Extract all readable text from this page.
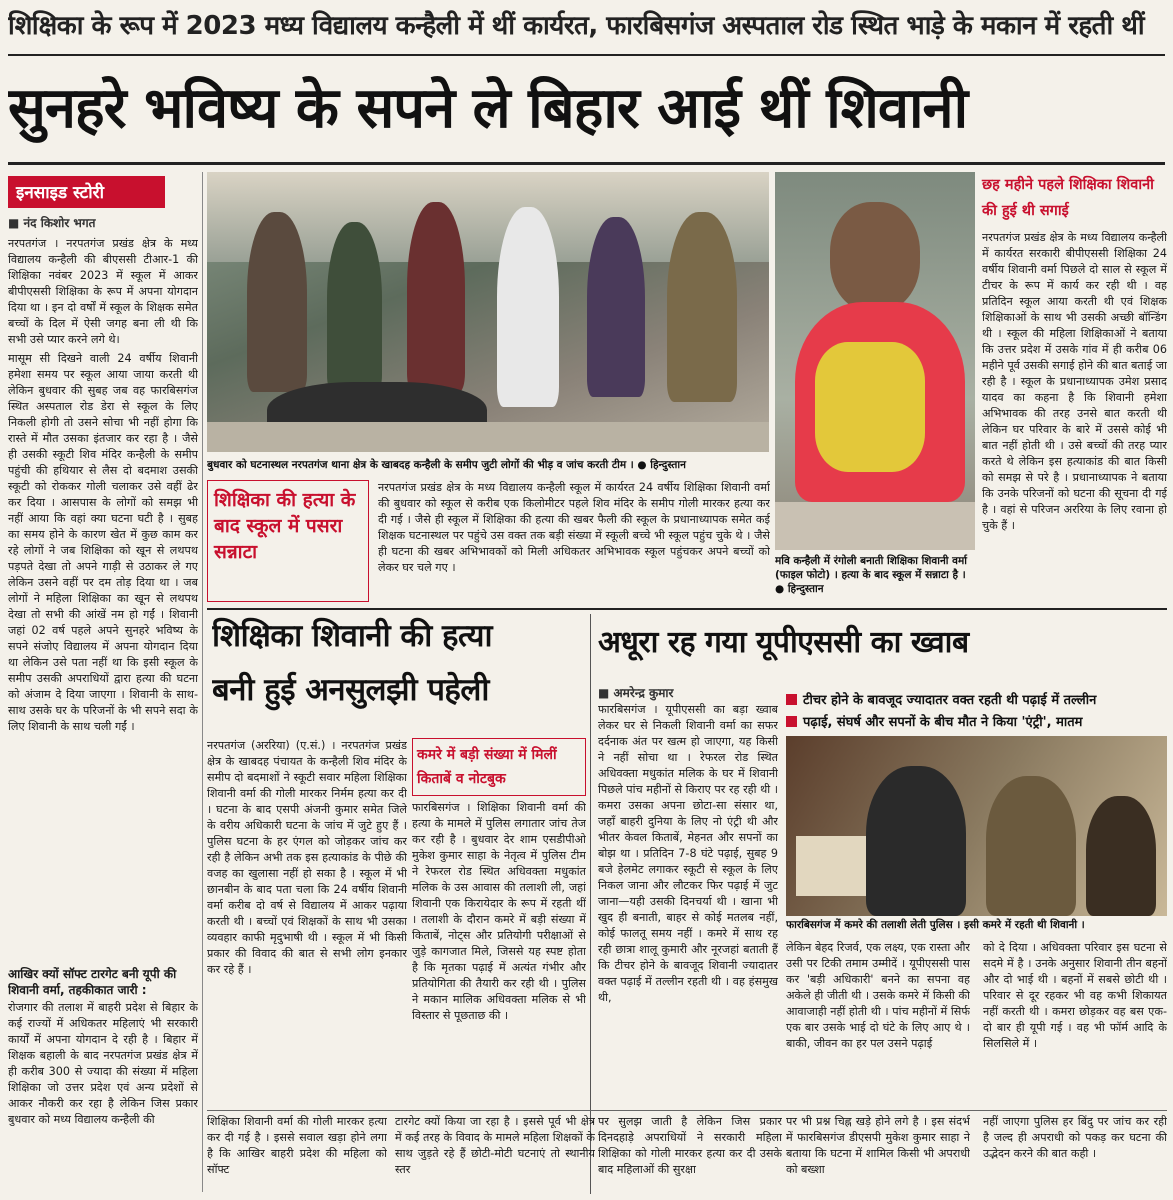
शिक्षिका के रूप में 2023 मध्य विद्यालय कन्हैली में थीं कार्यरत, फारबिसगंज अस्पताल रोड स्थित भाड़े के मकान में रहती थीं
सुनहरे भविष्य के सपने ले बिहार आई थीं शिवानी
इनसाइड स्टोरी
■ नंद किशोर भगत

नरपतगंज । नरपतगंज प्रखंड क्षेत्र के मध्य विद्यालय कन्हैली की बीएससी टीआर-1 की शिक्षिका नवंबर 2023 में स्कूल में आकर बीपीएससी शिक्षिका के रूप में अपना योगदान दिया था । इन दो वर्षों में स्कूल के शिक्षक समेत बच्चों के दिल में ऐसी जगह बना ली थी कि सभी उसे प्यार करने लगे थे।

मासूम सी दिखने वाली 24 वर्षीय शिवानी हमेशा समय पर स्कूल आया जाया करती थी लेकिन बुधवार की सुबह जब वह फारबिसगंज स्थित अस्पताल रोड डेरा से स्कूल के लिए निकली होगी तो उसने सोचा भी नहीं होगा कि रास्ते में मौत उसका इंतजार कर रहा है । जैसे ही उसकी स्कूटी शिव मंदिर कन्हैली के समीप पहुंची की हथियार से लैस दो बदमाश उसकी स्कूटी को रोककर गोली चलाकर उसे वहीं ढेर कर दिया । आसपास के लोगों को समझ भी नहीं आया कि वहां क्या घटना घटी है । सुबह का समय होने के कारण खेत में कुछ काम कर रहे लोगों ने जब शिक्षिका को खून से लथपथ पड़पते देखा तो अपने गाड़ी से उठाकर ले गए लेकिन उसने वहीं पर दम तोड़ दिया था । जब लोगों ने महिला शिक्षिका का खून से लथपथ देखा तो सभी की आंखें नम हो गईं । शिवानी जहां 02 वर्ष पहले अपने सुनहरे भविष्य के सपने संजोए विद्यालय में अपना योगदान दिया था लेकिन उसे पता नहीं था कि इसी स्कूल के समीप उसकी अपराधियों द्वारा हत्या की घटना को अंजाम दे दिया जाएगा । शिवानी के साथ-साथ उसके घर के परिजनों के भी सपने सदा के लिए शिवानी के साथ चली गईं ।

आखिर क्यों सॉफ्ट टारगेट बनी यूपी की शिवानी वर्मा, तहकीकात जारी :
रोजगार की तलाश में बाहरी प्रदेश से बिहार के कई राज्यों में अधिकतर महिलाएं भी सरकारी कार्यों में अपना योगदान दे रही है । बिहार में शिक्षक बहाली के बाद नरपतगंज प्रखंड क्षेत्र में ही करीब 300 से ज्यादा की संख्या में महिला शिक्षिका जो उत्तर प्रदेश एवं अन्य प्रदेशों से आकर नौकरी कर रहा है लेकिन जिस प्रकार बुधवार को मध्य विद्यालय कन्हैली की
बुधवार को घटनास्थल नरपतगंज थाना क्षेत्र के खाबदह कन्हैली के समीप जुटी लोगों की भीड़ व जांच करती टीम । ● हिन्दुस्तान
शिक्षिका की हत्या के बाद स्कूल में पसरा सन्नाटा
नरपतगंज प्रखंड क्षेत्र के मध्य विद्यालय कन्हैली स्कूल में कार्यरत 24 वर्षीय शिक्षिका शिवानी वर्मा की बुधवार को स्कूल से करीब एक किलोमीटर पहले शिव मंदिर के समीप गोली मारकर हत्या कर दी गई । जैसे ही स्कूल में शिक्षिका की हत्या की खबर फैली की स्कूल के प्रधानाध्यापक समेत कई शिक्षक घटनास्थल पर पहुंचे उस वक्त तक बड़ी संख्या में स्कूली बच्चे भी स्कूल पहुंच चुके थे । जैसे ही घटना की खबर अभिभावकों को मिली अधिकतर अभिभावक स्कूल पहुंचकर अपने बच्चों को लेकर घर चले गए ।	मवि कन्हैली में रंगोली बनाती शिक्षिका शिवानी वर्मा (फाइल फोटो) । हत्या के बाद स्कूल में सन्नाटा है । ● हिन्दुस्तान
छह महीने पहले शिक्षिका शिवानी की हुई थी सगाई
नरपतगंज प्रखंड क्षेत्र के मध्य विद्यालय कन्हैली में कार्यरत सरकारी बीपीएससी शिक्षिका 24 वर्षीय शिवानी वर्मा पिछले दो साल से स्कूल में टीचर के रूप में कार्य कर रही थी । वह प्रतिदिन स्कूल आया करती थी एवं शिक्षक शिक्षिकाओं के साथ भी उसकी अच्छी बॉन्डिंग थी । स्कूल की महिला शिक्षिकाओं ने बताया कि उत्तर प्रदेश में उसके गांव में ही करीब 06 महीने पूर्व उसकी सगाई होने की बात बताई जा रही है । स्कूल के प्रधानाध्यापक उमेश प्रसाद यादव का कहना है कि शिवानी हमेशा अभिभावक की तरह उनसे बात करती थी लेकिन घर परिवार के बारे में उससे कोई भी बात नहीं होती थी । उसे बच्चों की तरह प्यार करते थे लेकिन इस हत्याकांड की बात किसी को समझ से परे है । प्रधानाध्यापक ने बताया कि उनके परिजनों को घटना की सूचना दी गई है । वहां से परिजन अररिया के लिए रवाना हो चुके हैं ।
शिक्षिका शिवानी की हत्या
बनी हुई अनसुलझी पहेली
नरपतगंज (अररिया) (ए.सं.) । नरपतगंज प्रखंड क्षेत्र के खाबदह पंचायत के कन्हैली शिव मंदिर के समीप दो बदमाशों ने स्कूटी सवार महिला शिक्षिका शिवानी वर्मा की गोली मारकर निर्मम हत्या कर दी । घटना के बाद एसपी अंजनी कुमार समेत जिले के वरीय अधिकारी घटना के जांच में जुटे हुए हैं । पुलिस घटना के हर एंगल को जोड़कर जांच कर रही है लेकिन अभी तक इस हत्याकांड के पीछे की वजह का खुलासा नहीं हो सका है । स्कूल में भी छानबीन के बाद पता चला कि 24 वर्षीय शिवानी वर्मा करीब दो वर्ष से विद्यालय में आकर पढ़ाया करती थी । बच्चों एवं शिक्षकों के साथ भी उसका व्यवहार काफी मृदुभाषी थी । स्कूल में भी किसी प्रकार की विवाद की बात से सभी लोग इनकार कर रहे हैं ।
कमरे में बड़ी संख्या में मिलीं किताबें व नोटबुक
फारबिसगंज । शिक्षिका शिवानी वर्मा की हत्या के मामले में पुलिस लगातार जांच तेज कर रही है । बुधवार देर शाम एसडीपीओ मुकेश कुमार साहा के नेतृत्व में पुलिस टीम ने रेफरल रोड स्थित अधिवक्ता मधुकांत मलिक के उस आवास की तलाशी ली, जहां शिवानी एक किरायेदार के रूप में रहती थीं । तलाशी के दौरान कमरे में बड़ी संख्या में किताबें, नोट्स और प्रतियोगी परीक्षाओं से जुड़े कागजात मिले, जिससे यह स्पष्ट होता है कि मृतका पढ़ाई में अत्यंत गंभीर और प्रतियोगिता की तैयारी कर रही थी । पुलिस ने मकान मालिक अधिवक्ता मलिक से भी विस्तार से पूछताछ की ।
अधूरा रह गया यूपीएससी का ख्वाब
■ अमरेन्द्र कुमार
फारबिसगंज । यूपीएससी का बड़ा ख्वाब लेकर घर से निकली शिवानी वर्मा का सफर दर्दनाक अंत पर खत्म हो जाएगा, यह किसी ने नहीं सोचा था । रेफरल रोड स्थित अधिवक्ता मधुकांत मलिक के घर में शिवानी पिछले पांच महीनों से किराए पर रह रही थी । कमरा उसका अपना छोटा-सा संसार था, जहाँ बाहरी दुनिया के लिए नो एंट्री थी और भीतर केवल किताबें, मेहनत और सपनों का बोझ था । प्रतिदिन 7-8 घंटे पढ़ाई, सुबह 9 बजे हेलमेट लगाकर स्कूटी से स्कूल के लिए निकल जाना और लौटकर फिर पढ़ाई में जुट जाना—यही उसकी दिनचर्या थी । खाना भी खुद ही बनाती, बाहर से कोई मतलब नहीं, कोई फालतू समय नहीं । कमरे में साथ रह रही छात्रा शालू कुमारी और नूरजहां बताती हैं कि टीचर होने के बावजूद शिवानी ज्यादातर वक्त पढ़ाई में तल्लीन रहती थी । वह हंसमुख थी,
टीचर होने के बावजूद ज्यादातर वक्त रहती थी पढ़ाई में तल्लीन
पढ़ाई, संघर्ष और सपनों के बीच मौत ने किया 'एंट्री', मातम
फारबिसगंज में कमरे की तलाशी लेती पुलिस । इसी कमरे में रहती थी शिवानी ।
लेकिन बेहद रिजर्व, एक लक्ष्य, एक रास्ता और उसी पर टिकी तमाम उम्मीदें । यूपीएससी पास कर 'बड़ी अधिकारी' बनने का सपना वह अकेले ही जीती थी । उसके कमरे में किसी की आवाजाही नहीं होती थी । पांच महीनों में सिर्फ एक बार उसके भाई दो घंटे के लिए आए थे । बाकी, जीवन का हर पल उसने पढ़ाई
को दे दिया । अधिवक्ता परिवार इस घटना से सदमे में है । उनके अनुसार शिवानी तीन बहनों और दो भाई थी । बहनों में सबसे छोटी थी । परिवार से दूर रहकर भी वह कभी शिकायत नहीं करती थी । कमरा छोड़कर वह बस एक-दो बार ही यूपी गई । वह भी फॉर्म आदि के सिलसिले में ।
शिक्षिका शिवानी वर्मा की गोली मारकर हत्या कर दी गई है । इससे सवाल खड़ा होने लगा है कि आखिर बाहरी प्रदेश की महिला को सॉफ्ट
टारगेट क्यों किया जा रहा है । इससे पूर्व भी क्षेत्र में कई तरह के विवाद के मामले महिला शिक्षकों के साथ जुड़ते रहे हैं छोटी-मोटी घटनाएं तो स्थानीय स्तर
पर सुलझ जाती है लेकिन जिस प्रकार दिनदहाड़े अपराधियों ने सरकारी महिला शिक्षिका को गोली मारकर हत्या कर दी उसके बाद महिलाओं की सुरक्षा
पर भी प्रश्न चिह्न खड़े होने लगे है । इस संदर्भ में फारबिसगंज डीएसपी मुकेश कुमार साहा ने बताया कि घटना में शामिल किसी भी अपराधी को बख्शा
नहीं जाएगा पुलिस हर बिंदु पर जांच कर रही है जल्द ही अपराधी को पकड़ कर घटना की उद्भेदन करने की बात कही ।
